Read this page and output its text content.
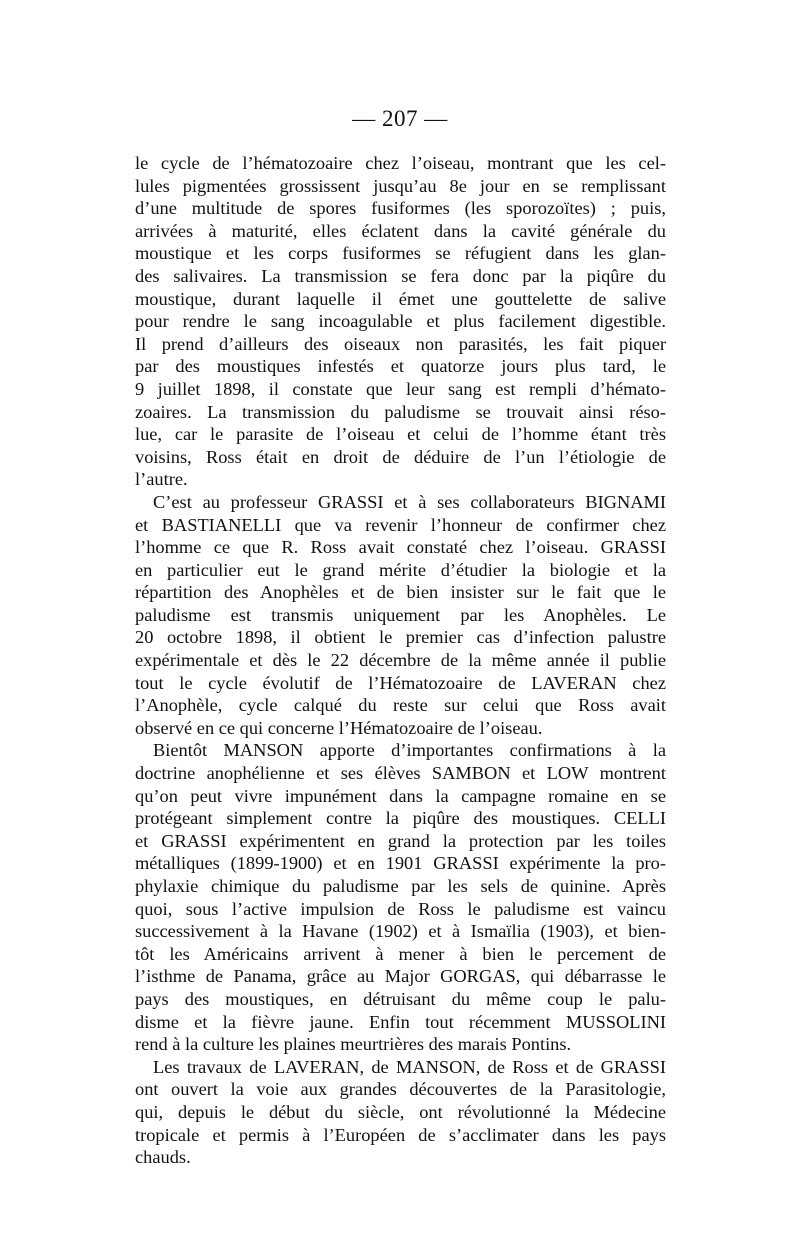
— 207 —
le cycle de l’hématozoaire chez l’oiseau, montrant que les cel-
lules pigmentées grossissent jusqu’au 8e jour en se remplissant
d’une multitude de spores fusiformes (les sporozoïtes) ; puis,
arrivées à maturité, elles éclatent dans la cavité générale du
moustique et les corps fusiformes se réfugient dans les glan-
des salivaires. La transmission se fera donc par la piqûre du
moustique, durant laquelle il émet une gouttelette de salive
pour rendre le sang incoagulable et plus facilement digestible.
Il prend d’ailleurs des oiseaux non parasités, les fait piquer
par des moustiques infestés et quatorze jours plus tard, le
9 juillet 1898, il constate que leur sang est rempli d’hémato-
zoaires. La transmission du paludisme se trouvait ainsi réso-
lue, car le parasite de l’oiseau et celui de l’homme étant très
voisins, Ross était en droit de déduire de l’un l’étiologie de
l’autre.
C’est au professeur GRASSI et à ses collaborateurs BIGNAMI
et BASTIANELLI que va revenir l’honneur de confirmer chez
l’homme ce que R. Ross avait constaté chez l’oiseau. GRASSI
en particulier eut le grand mérite d’étudier la biologie et la
répartition des Anophèles et de bien insister sur le fait que le
paludisme est transmis uniquement par les Anophèles. Le
20 octobre 1898, il obtient le premier cas d’infection palustre
expérimentale et dès le 22 décembre de la même année il publie
tout le cycle évolutif de l’Hématozoaire de LAVERAN chez
l’Anophèle, cycle calqué du reste sur celui que Ross avait
observé en ce qui concerne l’Hématozoaire de l’oiseau.
Bientôt MANSON apporte d’importantes confirmations à la
doctrine anophélienne et ses élèves SAMBON et LOW montrent
qu’on peut vivre impunément dans la campagne romaine en se
protégeant simplement contre la piqûre des moustiques. CELLI
et GRASSI expérimentent en grand la protection par les toiles
métalliques (1899-1900) et en 1901 GRASSI expérimente la pro-
phylaxie chimique du paludisme par les sels de quinine. Après
quoi, sous l’active impulsion de Ross le paludisme est vaincu
successivement à la Havane (1902) et à Ismaïlia (1903), et bien-
tôt les Américains arrivent à mener à bien le percement de
l’isthme de Panama, grâce au Major GORGAS, qui débarrasse le
pays des moustiques, en détruisant du même coup le palu-
disme et la fièvre jaune. Enfin tout récemment MUSSOLINI
rend à la culture les plaines meurtrières des marais Pontins.
Les travaux de LAVERAN, de MANSON, de Ross et de GRASSI
ont ouvert la voie aux grandes découvertes de la Parasitologie,
qui, depuis le début du siècle, ont révolutionné la Médecine
tropicale et permis à l’Européen de s’acclimater dans les pays
chauds.
